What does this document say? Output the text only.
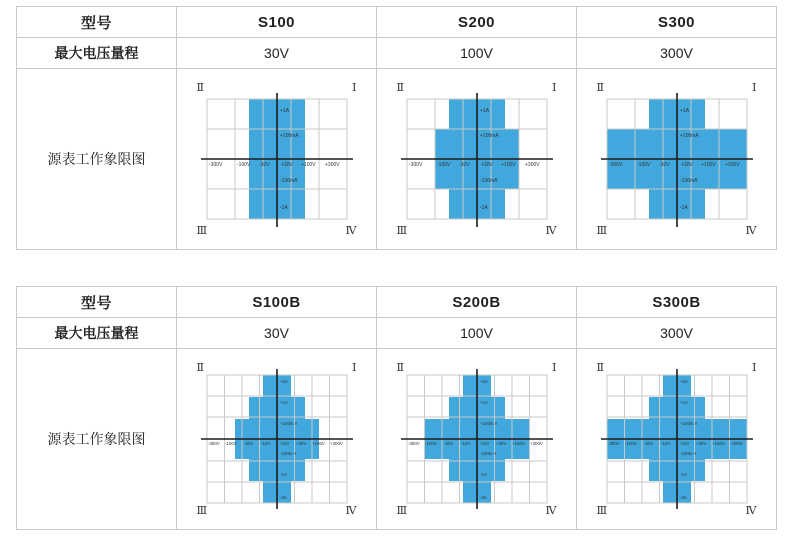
型号	S100	S200	S300
最大电压量程	30V	100V	300V
源表工作象限图	-300V	-100V -30V +30V +100V +300V
+1A
+100mA
-100mA
-1A
Ⅱ	Ⅰ
Ⅲ	Ⅳ

-300V	-100V -30V +30V +100V +300V
+1A
+100mA
-100mA
-1A
Ⅱ	Ⅰ
Ⅲ	Ⅳ

-300V	-100V -30V +30V +100V +300V
+1A
+100mA
-100mA
-1A
Ⅱ	Ⅰ
Ⅲ	Ⅳ
型号	S100B	S200B	S300B
最大电压量程	30V	100V	300V
源表工作象限图	-300V -100V -30V -10V +10V +30V +100V +300V
+3A
+1A
+100m A
-100m A
-1A
-3A
Ⅱ	Ⅰ
Ⅲ	Ⅳ

-300V -100V -30V -10V +10V +30V +100V +300V
+3A
+1A
+100m A
-100m A
-1A
-3A
Ⅱ	Ⅰ
Ⅲ	Ⅳ

-300V -100V -30V -10V +10V +30V +100V +300V
+3A
+1A
+100m A
-100m A
-1A
-3A
Ⅱ	Ⅰ
Ⅲ	Ⅳ
